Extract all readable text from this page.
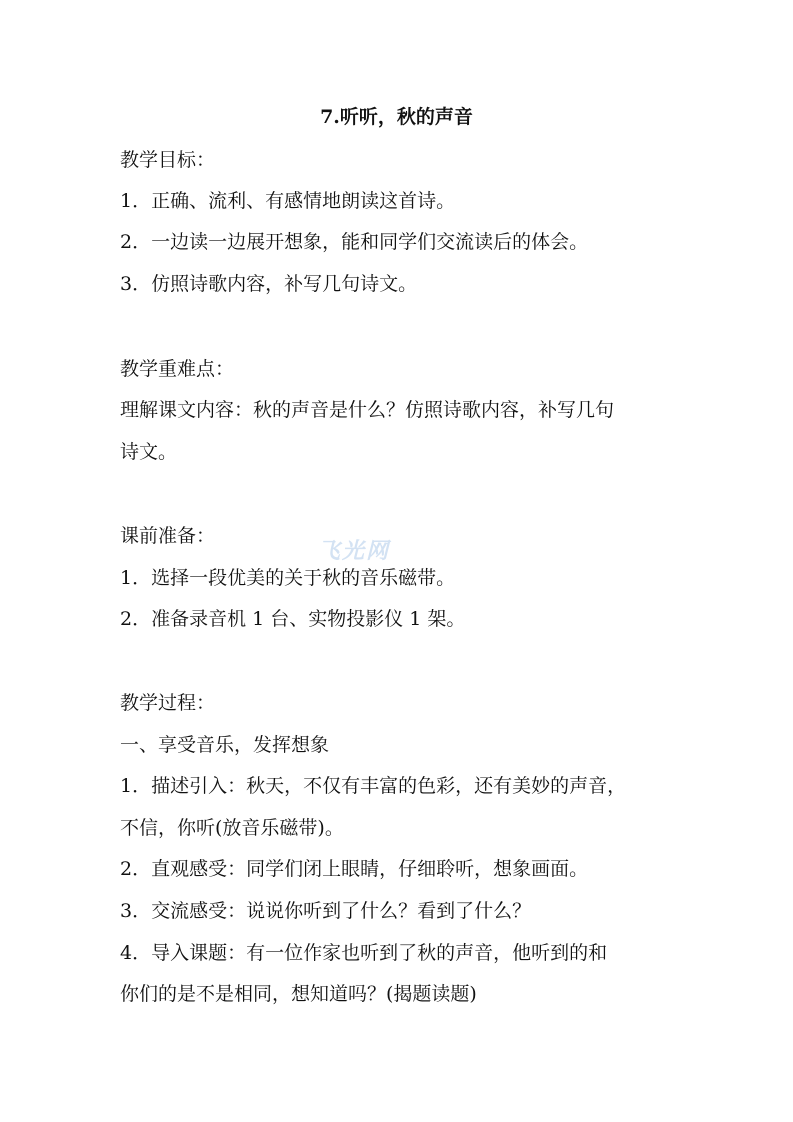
7.听听，秋的声音
教学目标：
1．正确、流利、有感情地朗读这首诗。
2．一边读一边展开想象，能和同学们交流读后的体会。
3．仿照诗歌内容，补写几句诗文。
教学重难点：
理解课文内容：秋的声音是什么？仿照诗歌内容，补写几句
诗文。
课前准备：
1．选择一段优美的关于秋的音乐磁带。
2．准备录音机 1 台、实物投影仪 1 架。
教学过程：
一、享受音乐，发挥想象
1．描述引入：秋天，不仅有丰富的色彩，还有美妙的声音，
不信，你听(放音乐磁带)。
2．直观感受：同学们闭上眼睛，仔细聆听，想象画面。
3．交流感受：说说你听到了什么？看到了什么？
4．导入课题：有一位作家也听到了秋的声音，他听到的和
你们的是不是相同，想知道吗？(揭题读题)
飞光网
